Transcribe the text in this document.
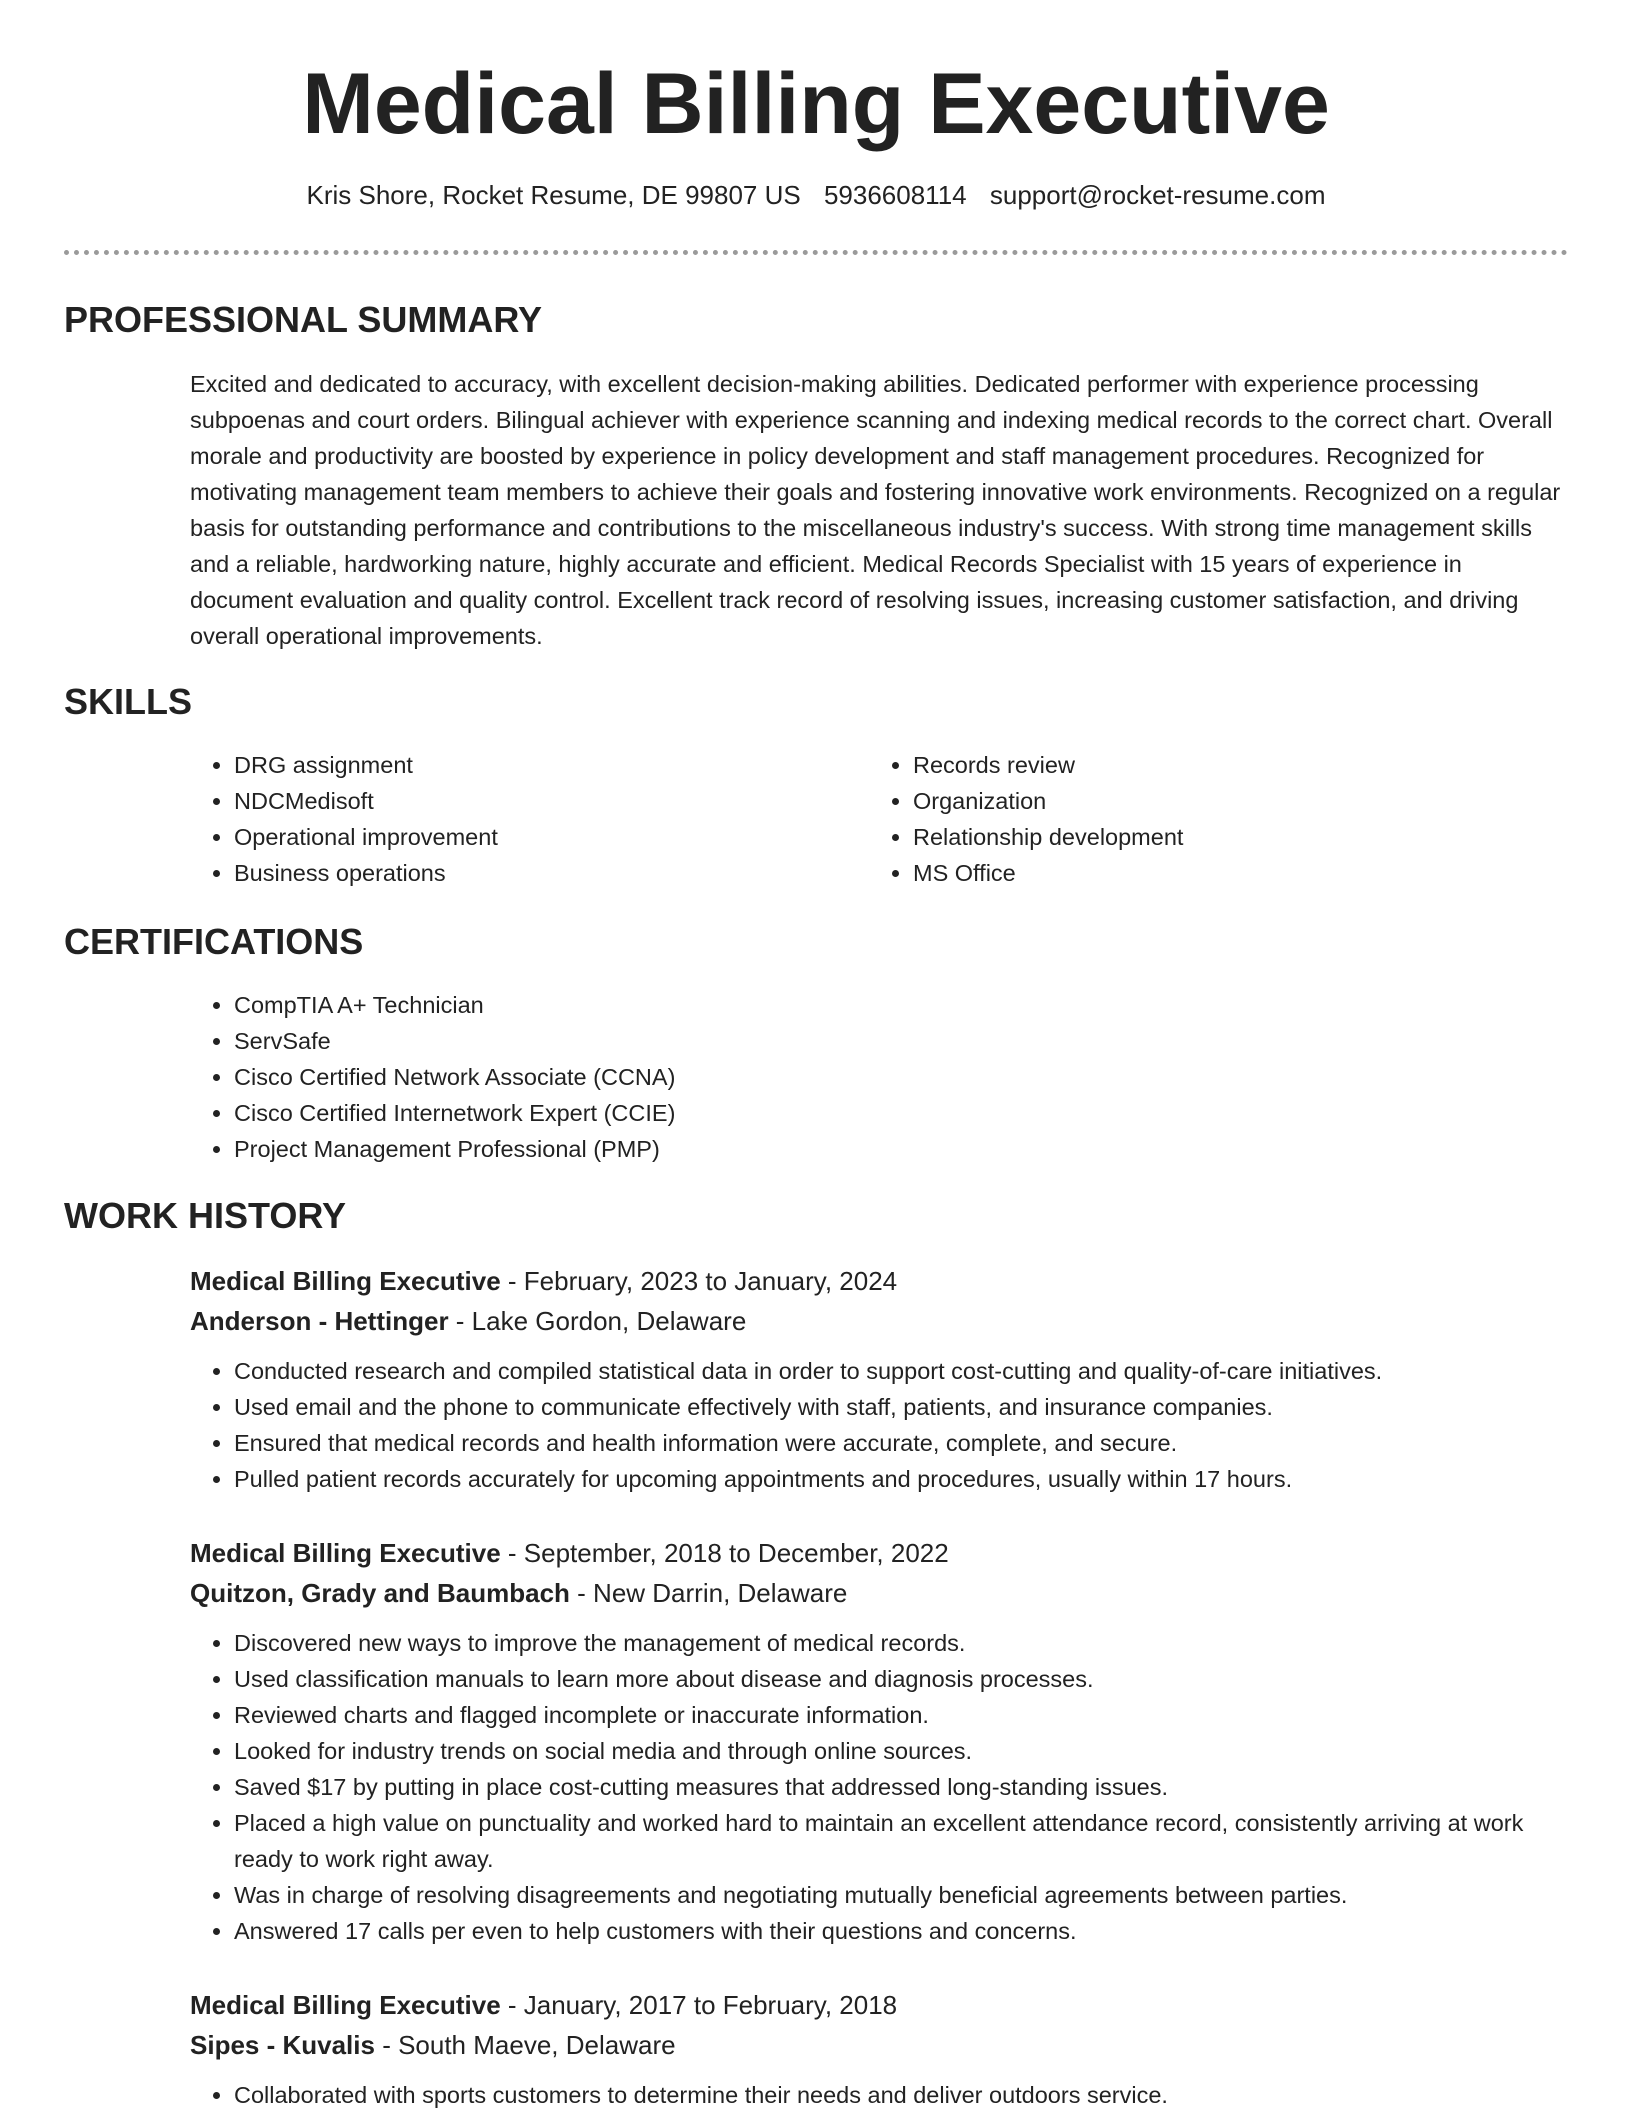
Medical Billing Executive
Kris Shore, Rocket Resume, DE 99807 US 5936608114 support@rocket-resume.com
PROFESSIONAL SUMMARY

Excited and dedicated to accuracy, with excellent decision-making abilities. Dedicated performer with experience processing subpoenas and court orders. Bilingual achiever with experience scanning and indexing medical records to the correct chart. Overall morale and productivity are boosted by experience in policy development and staff management procedures. Recognized for motivating management team members to achieve their goals and fostering innovative work environments. Recognized on a regular basis for outstanding performance and contributions to the miscellaneous industry's success. With strong time management skills and a reliable, hardworking nature, highly accurate and efficient. Medical Records Specialist with 15 years of experience in document evaluation and quality control. Excellent track record of resolving issues, increasing customer satisfaction, and driving overall operational improvements.

SKILLS
• DRG assignment
• NDCMedisoft
• Operational improvement
• Business operations
• Records review
• Organization
• Relationship development
• MS Office
CERTIFICATIONS
• CompTIA A+ Technician
• ServSafe
• Cisco Certified Network Associate (CCNA)
• Cisco Certified Internetwork Expert (CCIE)
• Project Management Professional (PMP)
WORK HISTORY
Medical Billing Executive - February, 2023 to January, 2024
Anderson - Hettinger - Lake Gordon, Delaware
• Conducted research and compiled statistical data in order to support cost-cutting and quality-of-care initiatives.
• Used email and the phone to communicate effectively with staff, patients, and insurance companies.
• Ensured that medical records and health information were accurate, complete, and secure.
• Pulled patient records accurately for upcoming appointments and procedures, usually within 17 hours.
Medical Billing Executive - September, 2018 to December, 2022
Quitzon, Grady and Baumbach - New Darrin, Delaware
• Discovered new ways to improve the management of medical records.
• Used classification manuals to learn more about disease and diagnosis processes.
• Reviewed charts and flagged incomplete or inaccurate information.
• Looked for industry trends on social media and through online sources.
• Saved $17 by putting in place cost-cutting measures that addressed long-standing issues.
• Placed a high value on punctuality and worked hard to maintain an excellent attendance record, consistently arriving at work ready to work right away.
• Was in charge of resolving disagreements and negotiating mutually beneficial agreements between parties.
• Answered 17 calls per even to help customers with their questions and concerns.
Medical Billing Executive - January, 2017 to February, 2018
Sipes - Kuvalis - South Maeve, Delaware
• Collaborated with sports customers to determine their needs and deliver outdoors service.
